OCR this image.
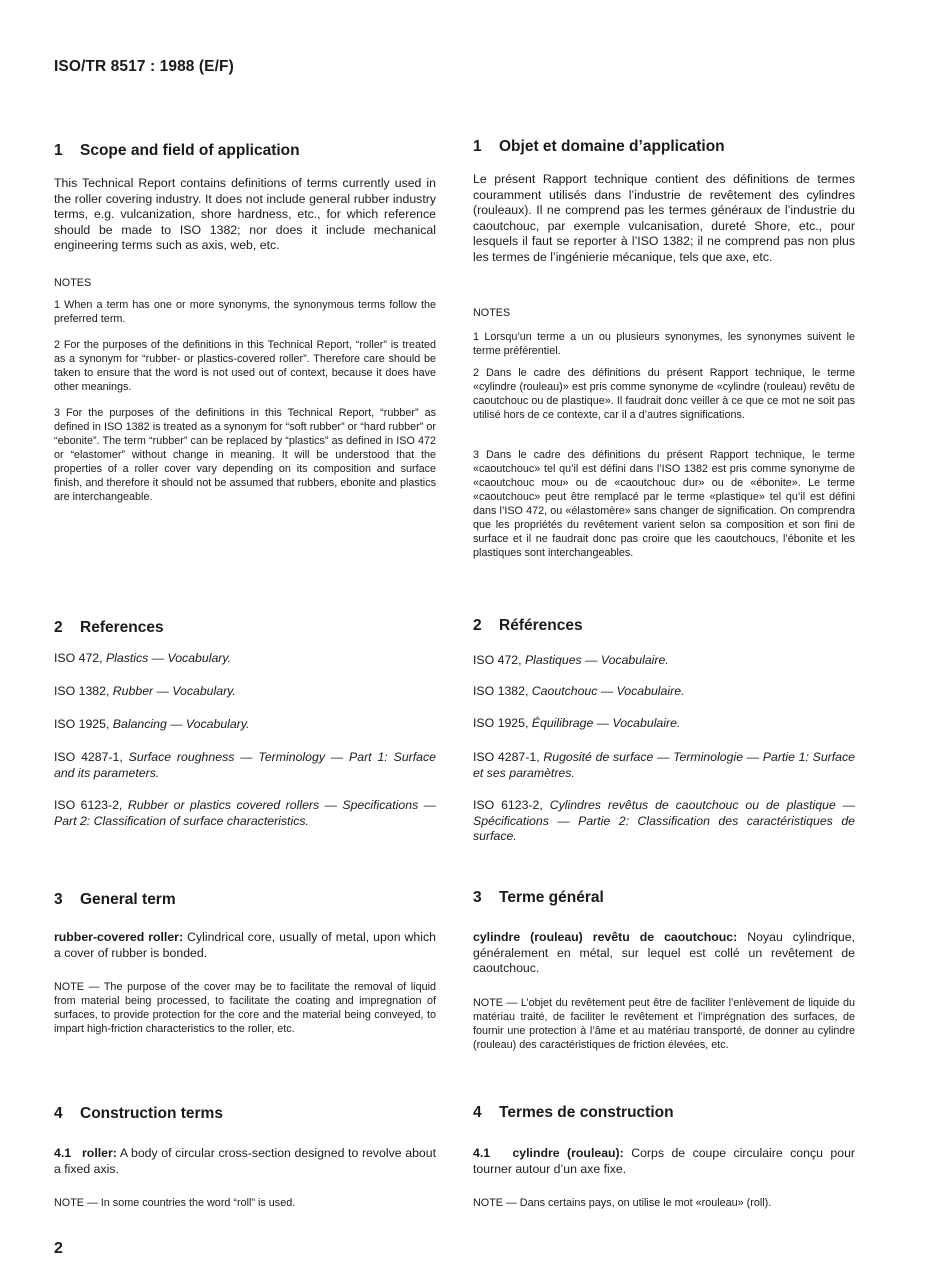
ISO/TR 8517 : 1988 (E/F)
1 Scope and field of application

This Technical Report contains definitions of terms currently used in the roller covering industry. It does not include general rubber industry terms, e.g. vulcanization, shore hardness, etc., for which reference should be made to ISO 1382; nor does it include mechanical engineering terms such as axis, web, etc.

NOTES

1 When a term has one or more synonyms, the synonymous terms follow the preferred term.

2 For the purposes of the definitions in this Technical Report, “roller” is treated as a synonym for “rubber- or plastics-covered roller”. Therefore care should be taken to ensure that the word is not used out of context, because it does have other meanings.

3 For the purposes of the definitions in this Technical Report, “rubber” as defined in ISO 1382 is treated as a synonym for “soft rubber” or “hard rubber” or “ebonite”. The term “rubber” can be replaced by “plastics” as defined in ISO 472 or “elastomer” without change in meaning. It will be understood that the properties of a roller cover vary depending on its composition and surface finish, and therefore it should not be assumed that rubbers, ebonite and plastics are interchangeable.

2 References
ISO 472, Plastics — Vocabulary.
ISO 1382, Rubber — Vocabulary.
ISO 1925, Balancing — Vocabulary.
ISO 4287-1, Surface roughness — Terminology — Part 1: Surface and its parameters.
ISO 6123-2, Rubber or plastics covered rollers — Specifications — Part 2: Classification of surface characteristics.
3 General term
rubber-covered roller: Cylindrical core, usually of metal, upon which a cover of rubber is bonded.

NOTE — The purpose of the cover may be to facilitate the removal of liquid from material being processed, to facilitate the coating and impregnation of surfaces, to provide protection for the core and the material being conveyed, to impart high-friction characteristics to the roller, etc.

4 Construction terms
4.1 roller: A body of circular cross-section designed to revolve about a fixed axis.

NOTE — In some countries the word “roll” is used.

1 Objet et domaine d’application

Le présent Rapport technique contient des définitions de termes couramment utilisés dans l’industrie de revêtement des cylindres (rouleaux). Il ne comprend pas les termes généraux de l’industrie du caoutchouc, par exemple vulcanisation, dureté Shore, etc., pour lesquels il faut se reporter à l’ISO 1382; il ne comprend pas non plus les termes de l’ingénierie mécanique, tels que axe, etc.

NOTES

1 Lorsqu’un terme a un ou plusieurs synonymes, les synonymes suivent le terme préférentiel.

2 Dans le cadre des définitions du présent Rapport technique, le terme «cylindre (rouleau)» est pris comme synonyme de «cylindre (rouleau) revêtu de caoutchouc ou de plastique». Il faudrait donc veiller à ce que ce mot ne soit pas utilisé hors de ce contexte, car il a d’autres significations.

3 Dans le cadre des définitions du présent Rapport technique, le terme «caoutchouc» tel qu’il est défini dans l’ISO 1382 est pris comme synonyme de «caoutchouc mou» ou de «caoutchouc dur» ou de «ébonite». Le terme «caoutchouc» peut être remplacé par le terme «plastique» tel qu’il est défini dans l’ISO 472, ou «élastomère» sans changer de signification. On comprendra que les propriétés du revêtement varient selon sa composition et son fini de surface et il ne faudrait donc pas croire que les caoutchoucs, l’ébonite et les plastiques sont interchangeables.

2 Références
ISO 472, Plastiques — Vocabulaire.
ISO 1382, Caoutchouc — Vocabulaire.
ISO 1925, Équilibrage — Vocabulaire.
ISO 4287-1, Rugosité de surface — Terminologie — Partie 1: Surface et ses paramètres.
ISO 6123-2, Cylindres revêtus de caoutchouc ou de plastique — Spécifications — Partie 2: Classification des caractéristiques de surface.
3 Terme général
cylindre (rouleau) revêtu de caoutchouc: Noyau cylindrique, généralement en métal, sur lequel est collé un revêtement de caoutchouc.

NOTE — L’objet du revêtement peut être de faciliter l’enlèvement de liquide du matériau traité, de faciliter le revêtement et l’imprégnation des surfaces, de fournir une protection à l’âme et au matériau transporté, de donner au cylindre (rouleau) des caractéristiques de friction élevées, etc.

4 Termes de construction
4.1 cylindre (rouleau): Corps de coupe circulaire conçu pour tourner autour d’un axe fixe.

NOTE — Dans certains pays, on utilise le mot «rouleau» (roll).

2
